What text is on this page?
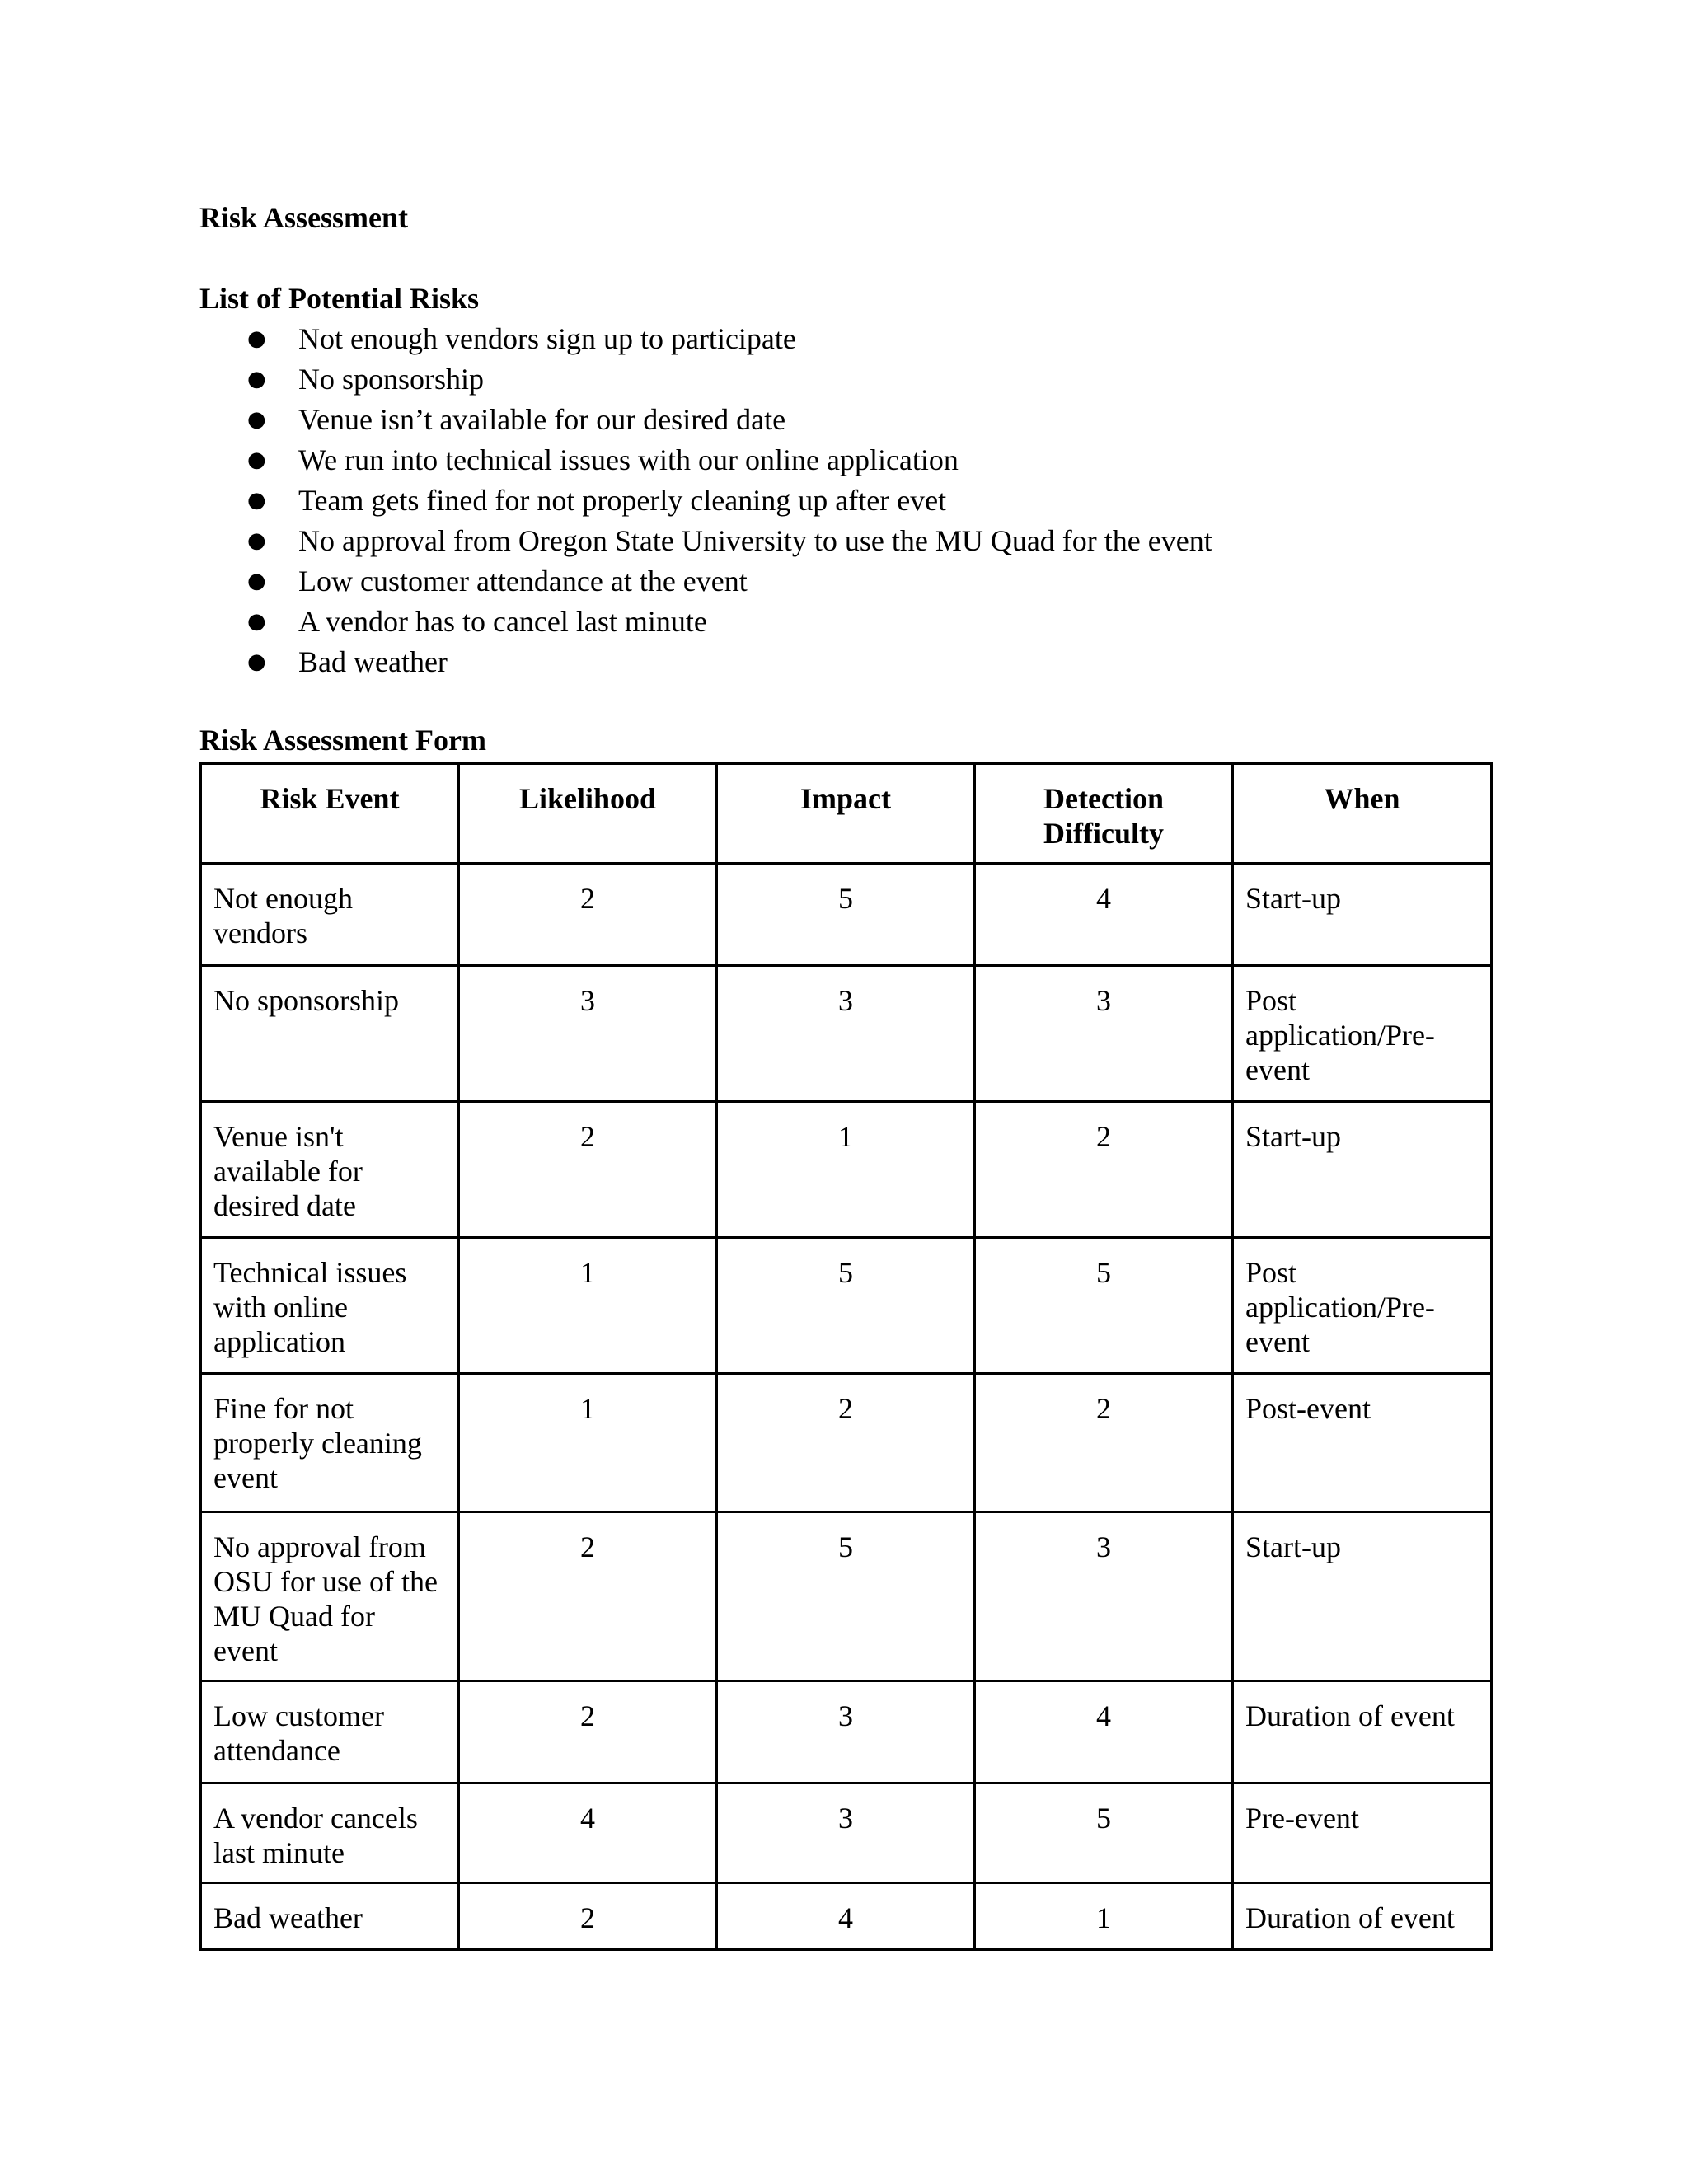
Risk Assessment

List of Potential Risks

● Not enough vendors sign up to participate
● No sponsorship
● Venue isn’t available for our desired date
● We run into technical issues with our online application
● Team gets fined for not properly cleaning up after evet
● No approval from Oregon State University to use the MU Quad for the event
● Low customer attendance at the event
● A vendor has to cancel last minute
● Bad weather

Risk Assessment Form

Risk Event	Likelihood	Impact	Detection Difficulty	When
Not enough vendors	2	5	4	Start-up
No sponsorship	3	3	3	Post application/Pre-event
Venue isn't available for desired date	2	1	2	Start-up
Technical issues with online application	1	5	5	Post application/Pre-event
Fine for not properly cleaning event	1	2	2	Post-event
No approval from OSU for use of the MU Quad for event	2	5	3	Start-up
Low customer attendance	2	3	4	Duration of event
A vendor cancels last minute	4	3	5	Pre-event
Bad weather	2	4	1	Duration of event
